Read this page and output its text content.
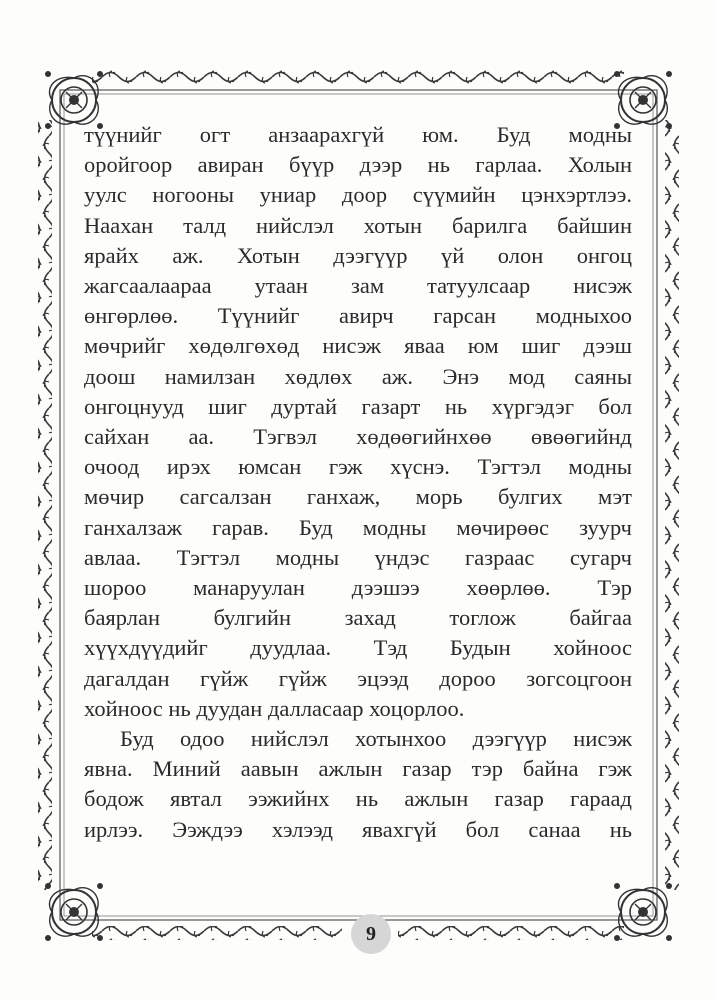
түүнийг огт анзаарахгүй юм. Буд модны
оройгоор авиран бүүр дээр нь гарлаа. Холын
уулс ногооны униар доор сүүмийн цэнхэртлээ.
Наахан талд нийслэл хотын барилга байшин
ярайх аж. Хотын дээгүүр үй олон онгоц
жагсаалаараа утаан зам татуулсаар нисэж
өнгөрлөө. Түүнийг авирч гарсан модныхоо
мөчрийг хөдөлгөхөд нисэж яваа юм шиг дээш
доош намилзан хөдлөх аж. Энэ мод саяны
онгоцнууд шиг дуртай газарт нь хүргэдэг бол
сайхан аа. Тэгвэл хөдөөгийнхөө өвөөгийнд
очоод ирэх юмсан гэж хүснэ. Тэгтэл модны
мөчир сагсалзан ганхаж, морь булгих мэт
ганхалзаж гарав. Буд модны мөчирөөс зуурч
авлаа. Тэгтэл модны үндэс газраас сугарч
шороо манаруулан дээшээ хөөрлөө. Тэр
баярлан булгийн захад тоглож байгаа
хүүхдүүдийг дуудлаа. Тэд Будын хойноос
дагалдан гүйж гүйж эцээд дороо зогсоцгоон
хойноос нь дуудан далласаар хоцорлоо.
Буд одоо нийслэл хотынхоо дээгүүр нисэж
явна. Миний аавын ажлын газар тэр байна гэж
бодож явтал ээжийнх нь ажлын газар гараад
ирлээ. Ээждээ хэлээд явахгүй бол санаа нь
9
